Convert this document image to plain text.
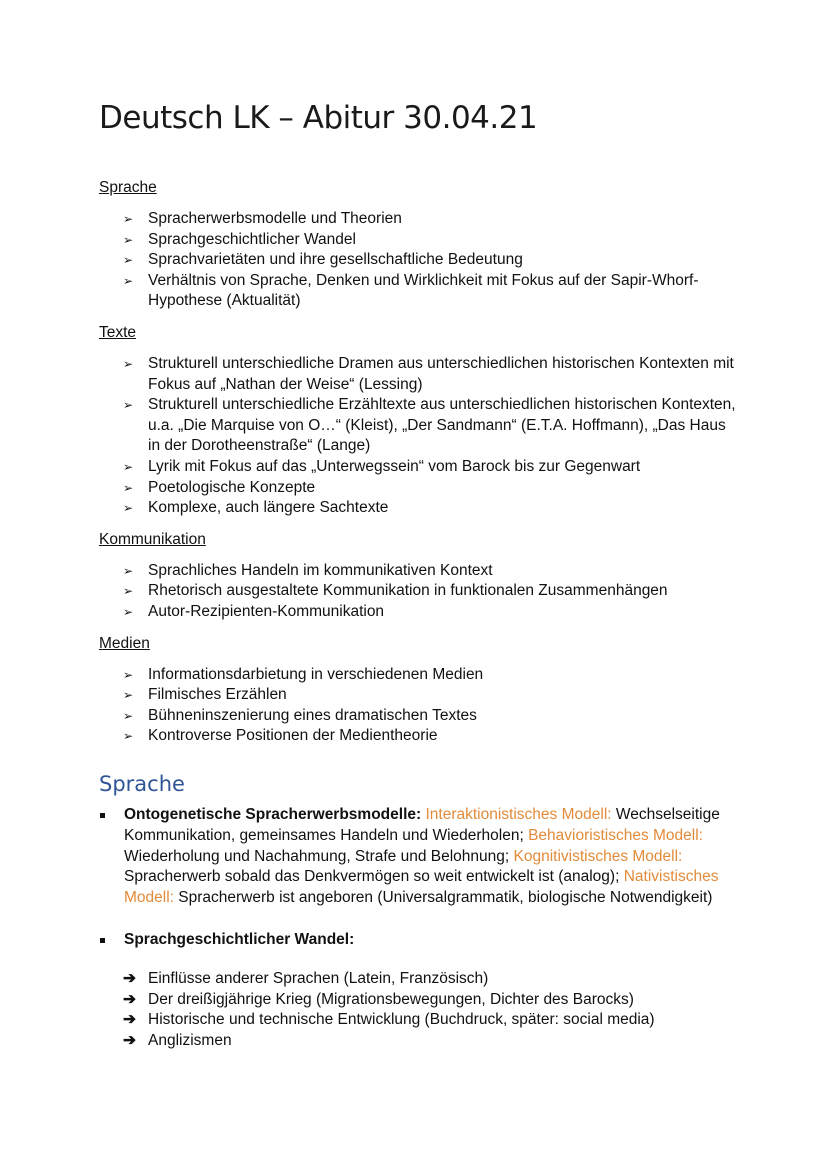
Deutsch LK – Abitur 30.04.21

Sprache

➢ Spracherwerbsmodelle und Theorien
➢ Sprachgeschichtlicher Wandel
➢ Sprachvarietäten und ihre gesellschaftliche Bedeutung
➢ Verhältnis von Sprache, Denken und Wirklichkeit mit Fokus auf der Sapir-Whorf-Hypothese (Aktualität)

Texte

➢ Strukturell unterschiedliche Dramen aus unterschiedlichen historischen Kontexten mit Fokus auf „Nathan der Weise“ (Lessing)
➢ Strukturell unterschiedliche Erzähltexte aus unterschiedlichen historischen Kontexten, u.a. „Die Marquise von O…“ (Kleist), „Der Sandmann“ (E.T.A. Hoffmann), „Das Haus in der Dorotheenstraße“ (Lange)
➢ Lyrik mit Fokus auf das „Unterwegssein“ vom Barock bis zur Gegenwart
➢ Poetologische Konzepte
➢ Komplexe, auch längere Sachtexte

Kommunikation

➢ Sprachliches Handeln im kommunikativen Kontext
➢ Rhetorisch ausgestaltete Kommunikation in funktionalen Zusammenhängen
➢ Autor-Rezipienten-Kommunikation

Medien

➢ Informationsdarbietung in verschiedenen Medien
➢ Filmisches Erzählen
➢ Bühneninszenierung eines dramatischen Textes
➢ Kontroverse Positionen der Medientheorie
Sprache
Ontogenetische Spracherwerbsmodelle: Interaktionistisches Modell: Wechselseitige Kommunikation, gemeinsames Handeln und Wiederholen; Behavioristisches Modell: Wiederholung und Nachahmung, Strafe und Belohnung; Kognitivistisches Modell: Spracherwerb sobald das Denkvermögen so weit entwickelt ist (analog); Nativistisches Modell: Spracherwerb ist angeboren (Universalgrammatik, biologische Notwendigkeit)
Sprachgeschichtlicher Wandel:
➔ Einflüsse anderer Sprachen (Latein, Französisch)
➔ Der dreißigjährige Krieg (Migrationsbewegungen, Dichter des Barocks)
➔ Historische und technische Entwicklung (Buchdruck, später: social media)
➔ Anglizismen
